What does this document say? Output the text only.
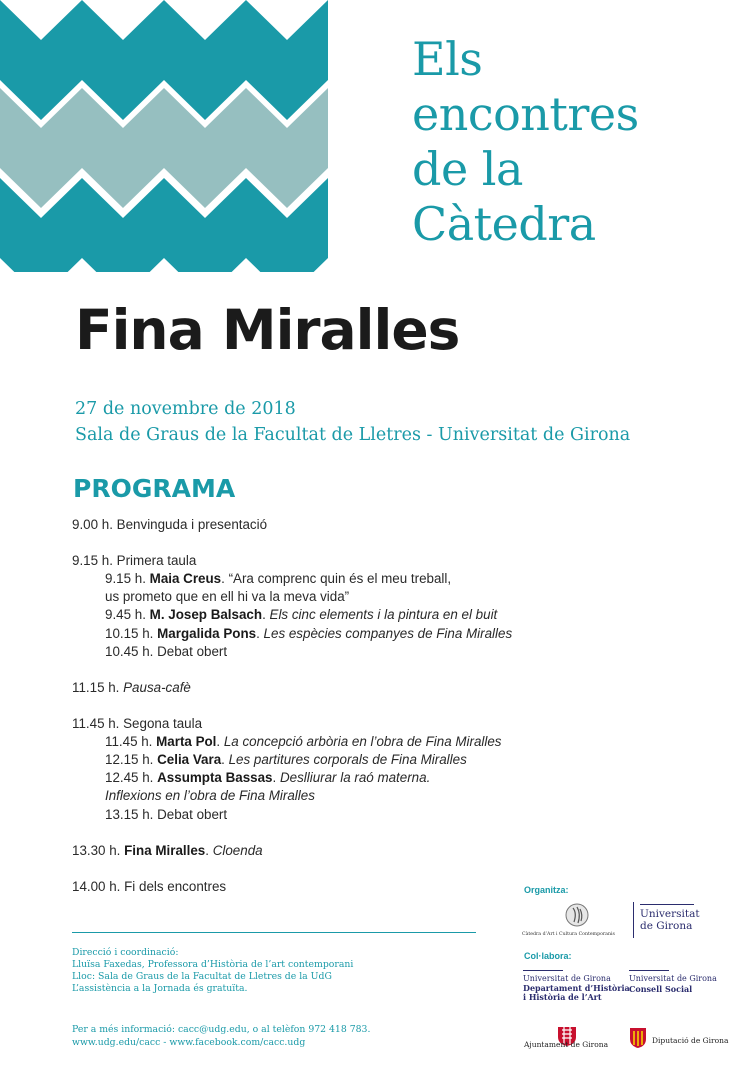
Els
encontres
de la
Càtedra
Fina Miralles
27 de novembre de 2018
Sala de Graus de la Facultat de Lletres - Universitat de Girona
PROGRAMA
9.00 h. Benvinguda i presentació
9.15 h. Primera taula
9.15 h. Maia Creus. “Ara comprenc quin és el meu treball,
us prometo que en ell hi va la meva vida”
9.45 h. M. Josep Balsach. Els cinc elements i la pintura en el buit
10.15 h. Margalida Pons. Les espècies companyes de Fina Miralles
10.45 h. Debat obert
11.15 h. Pausa-cafè
11.45 h. Segona taula
11.45 h. Marta Pol. La concepció arbòria en l’obra de Fina Miralles
12.15 h. Celia Vara. Les partitures corporals de Fina Miralles
12.45 h. Assumpta Bassas. Deslliurar la raó materna.
Inflexions en l’obra de Fina Miralles
13.15 h. Debat obert
13.30 h. Fina Miralles. Cloenda
14.00 h. Fi dels encontres
Direcció i coordinació:
Lluïsa Faxedas, Professora d’Història de l’art contemporani
Lloc: Sala de Graus de la Facultat de Lletres de la UdG
L’assistència a la Jornada és gratuïta.
Per a més informació: cacc@udg.edu, o al telèfon 972 418 783.
www.udg.edu/cacc - www.facebook.com/cacc.udg
Organitza:
Càtedra d’Art i Cultura Contemporanis
Universitat
de Girona
Col·labora:
Universitat de Girona
Departament d’Història
i Història de l’Art
Universitat de Girona
Consell Social
Ajuntament de Girona	Diputació de Girona
